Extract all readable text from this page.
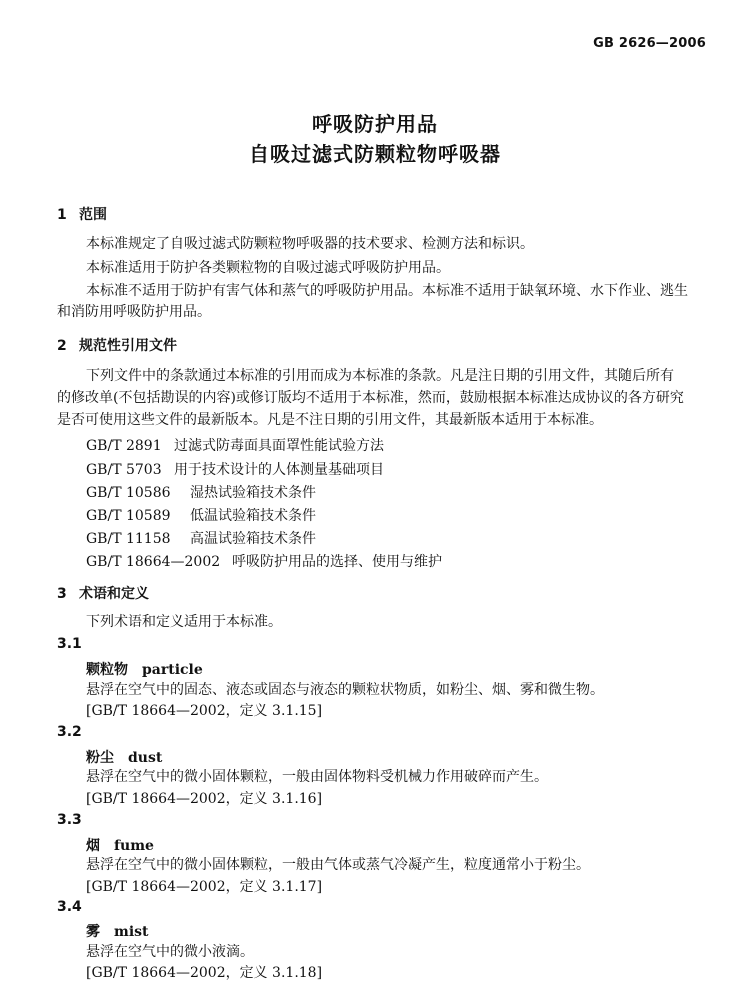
GB 2626—2006
呼吸防护用品
自吸过滤式防颗粒物呼吸器
1 范围
本标准规定了自吸过滤式防颗粒物呼吸器的技术要求、检测方法和标识。
本标准适用于防护各类颗粒物的自吸过滤式呼吸防护用品。
本标准不适用于防护有害气体和蒸气的呼吸防护用品。本标准不适用于缺氧环境、水下作业、逃生
和消防用呼吸防护用品。
2 规范性引用文件
下列文件中的条款通过本标准的引用而成为本标准的条款。凡是注日期的引用文件，其随后所有
的修改单(不包括勘误的内容)或修订版均不适用于本标准，然而，鼓励根据本标准达成协议的各方研究
是否可使用这些文件的最新版本。凡是不注日期的引用文件，其最新版本适用于本标准。
GB/T 2891 过滤式防毒面具面罩性能试验方法
GB/T 5703 用于技术设计的人体测量基础项目
GB/T 10586 湿热试验箱技术条件
GB/T 10589 低温试验箱技术条件
GB/T 11158 高温试验箱技术条件
GB/T 18664—2002 呼吸防护用品的选择、使用与维护
3 术语和定义
下列术语和定义适用于本标准。
3.1
颗粒物 particle
悬浮在空气中的固态、液态或固态与液态的颗粒状物质，如粉尘、烟、雾和微生物。
[GB/T 18664—2002，定义 3.1.15]
3.2
粉尘 dust
悬浮在空气中的微小固体颗粒，一般由固体物料受机械力作用破碎而产生。
[GB/T 18664—2002，定义 3.1.16]
3.3
烟 fume
悬浮在空气中的微小固体颗粒，一般由气体或蒸气冷凝产生，粒度通常小于粉尘。
[GB/T 18664—2002，定义 3.1.17]
3.4
雾 mist
悬浮在空气中的微小液滴。
[GB/T 18664—2002，定义 3.1.18]
